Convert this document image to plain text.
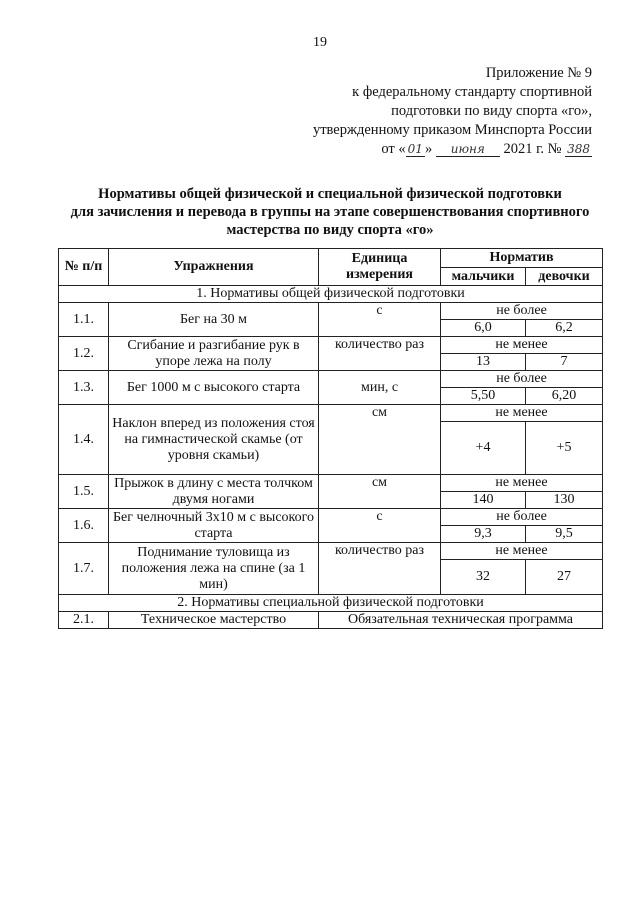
19
Приложение № 9
к федеральному стандарту спортивной
подготовки по виду спорта «го»,
утвержденному приказом Минспорта России
от « 01 » июня 2021 г. № 388
Нормативы общей физической и специальной физической подготовки
для зачисления и перевода в группы на этапе совершенствования спортивного
мастерства по виду спорта «го»
№ п/п	Упражнения	Единица измерения	Норматив	
			мальчики	девочки
1. Нормативы общей физической подготовки				
1.1.	Бег на 30 м	с	не более	
			6,0	6,2
1.2.	Сгибание и разгибание рук в упоре лежа на полу	количество раз	не менее	
			13	7
1.3.	Бег 1000 м с высокого старта	мин, с	не более	
			5,50	6,20
1.4.	Наклон вперед из положения стоя на гимнастической скамье (от уровня скамьи)	см	не менее	
			+4	+5
1.5.	Прыжок в длину с места толчком двумя ногами	см	не менее	
			140	130
1.6.	Бег челночный 3х10 м с высокого старта	с	не более	
			9,3	9,5
1.7.	Поднимание туловища из положения лежа на спине (за 1 мин)	количество раз	не менее	
			32	27
2. Нормативы специальной физической подготовки				
2.1.	Техническое мастерство	Обязательная техническая программа		
